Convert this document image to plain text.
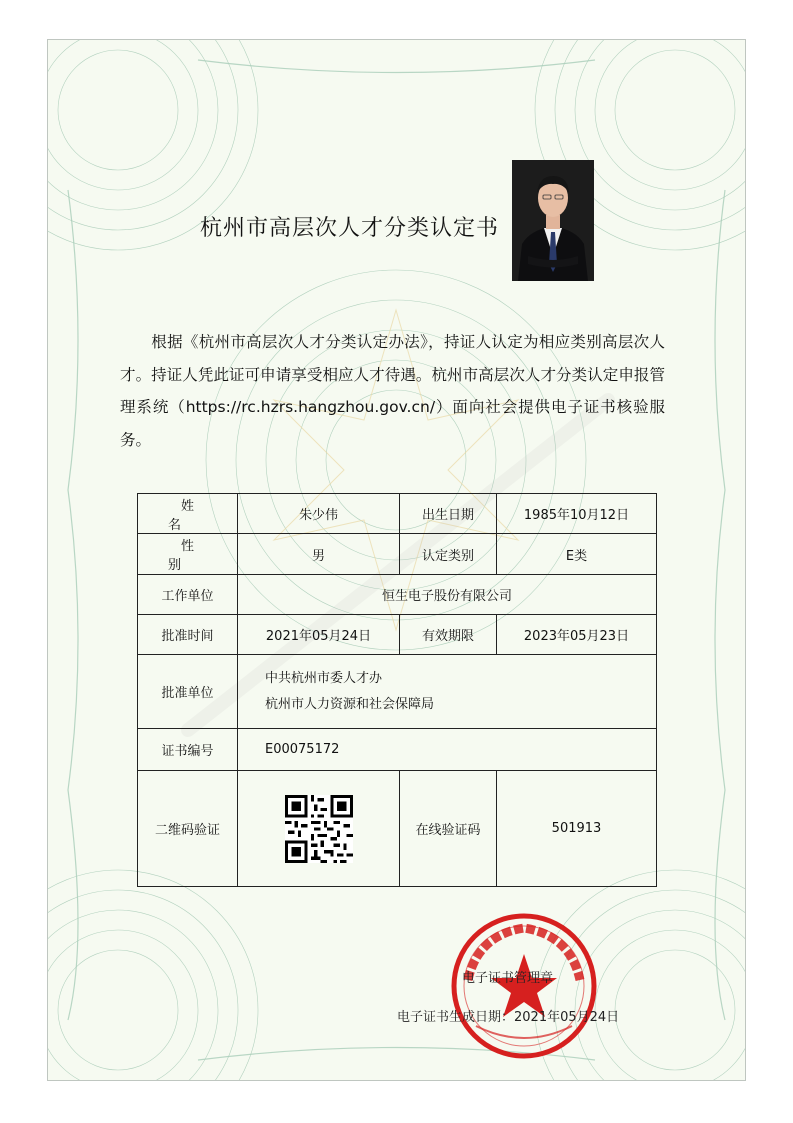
杭州市高层次人才分类认定书
根据《杭州市高层次人才分类认定办法》，持证人认定为相应类别高层次人才。持证人凭此证可申请享受相应人才待遇。杭州市高层次人才分类认定申报管理系统（https://rc.hzrs.hangzhou.gov.cn/）面向社会提供电子证书核验服务。
姓名	朱少伟	出生日期	1985年10月12日
性别	男	认定类别	E类
工作单位	恒生电子股份有限公司		
批准时间	2021年05月24日	有效期限	2023年05月23日
批准单位	中共杭州市委人才办
杭州市人力资源和社会保障局		

证书编号	E00075172		
二维码验证		在线验证码	501913
电子证书管理章
电子证书生成日期：2021年05月24日
